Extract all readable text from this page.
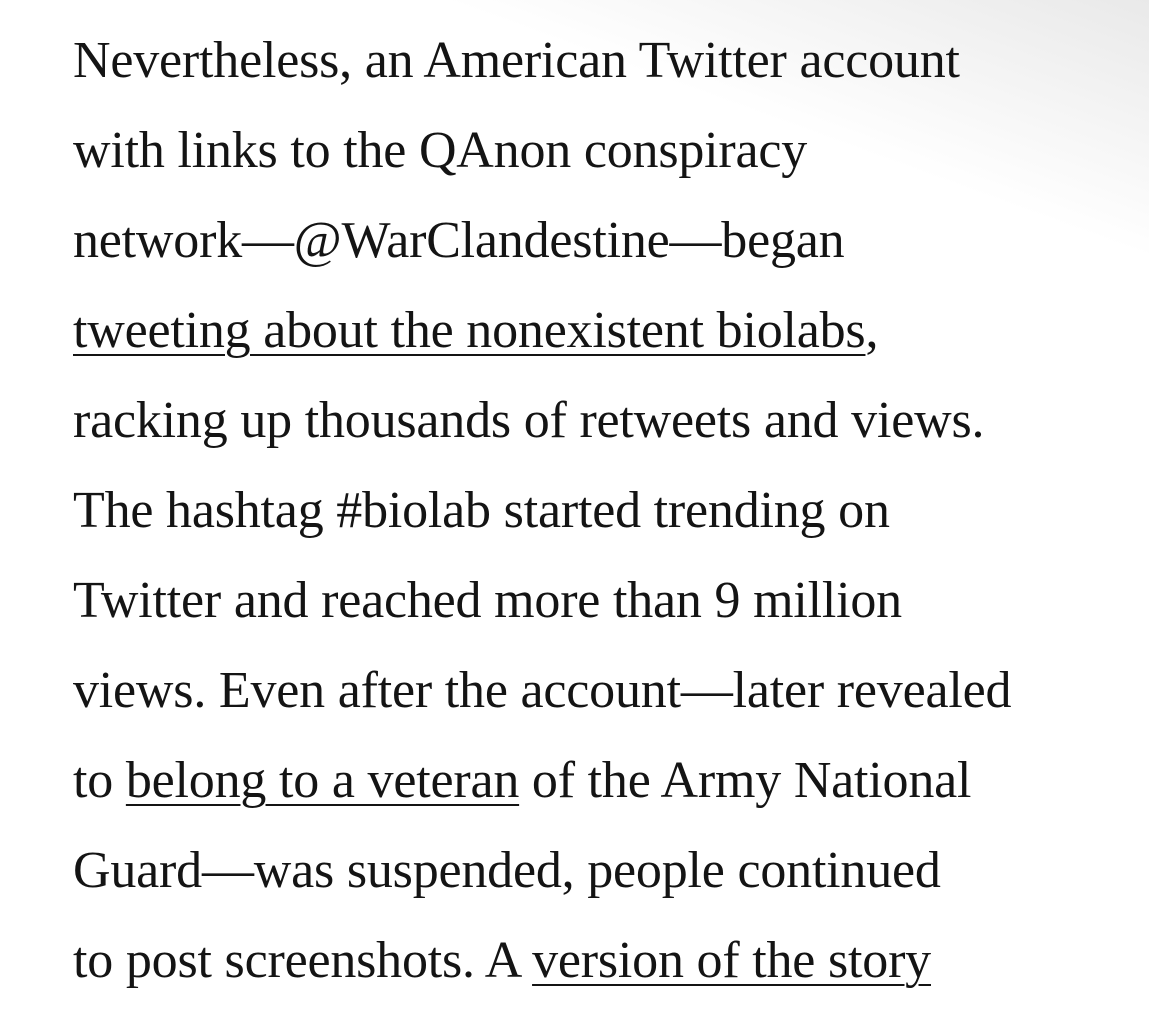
Nevertheless, an American Twitter account
with links to the QAnon conspiracy
network—@WarClandestine—began
tweeting about the nonexistent biolabs,
racking up thousands of retweets and views.
The hashtag #biolab started trending on
Twitter and reached more than 9 million
views. Even after the account—later revealed
to belong to a veteran of the Army National
Guard—was suspended, people continued
to post screenshots. A version of the story
